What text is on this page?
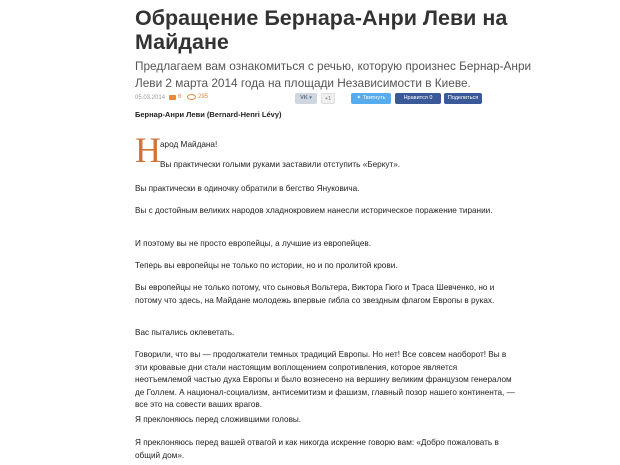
Обращение Бернара-Анри Леви на Майдане
Предлагаем вам ознакомиться с речью, которую произнес Бернар-Анри Леви 2 марта 2014 года на площади Независимости в Киеве.
05.03.2014 6	295	VK ▾	+1	✦ Твитнуть	Нравится 0	Поделиться
Бернар-Анри Леви (Bernard-Henri Lévy)
Н арод Майдана!
Вы практически голыми руками заставили отступить «Беркут».
Вы практически в одиночку обратили в бегство Януковича.
Вы с достойным великих народов хладнокровием нанесли историческое поражение тирании.
И поэтому вы не просто европейцы, а лучшие из европейцев.
Теперь вы европейцы не только по истории, но и по пролитой крови.
Вы европейцы не только потому, что сыновья Вольтера, Виктора Гюго и Траса Шевченко, но и потому что здесь, на Майдане молодежь впервые гибла со звездным флагом Европы в руках.
Вас пытались оклеветать.
Говорили, что вы — продолжатели темных традиций Европы. Но нет! Все совсем наоборот! Вы в эти кровавые дни стали настоящим воплощением сопротивления, которое является неотъемлемой частью духа Европы и было вознесено на вершину великим французом генералом де Голлем. А национал-социализм, антисемитизм и фашизм, главный позор нашего континента, — все это на совести ваших врагов.
Я преклоняюсь перед сложившими головы.
Я преклоняюсь перед вашей отвагой и как никогда искренне говорю вам: «Добро пожаловать в общий дом».
